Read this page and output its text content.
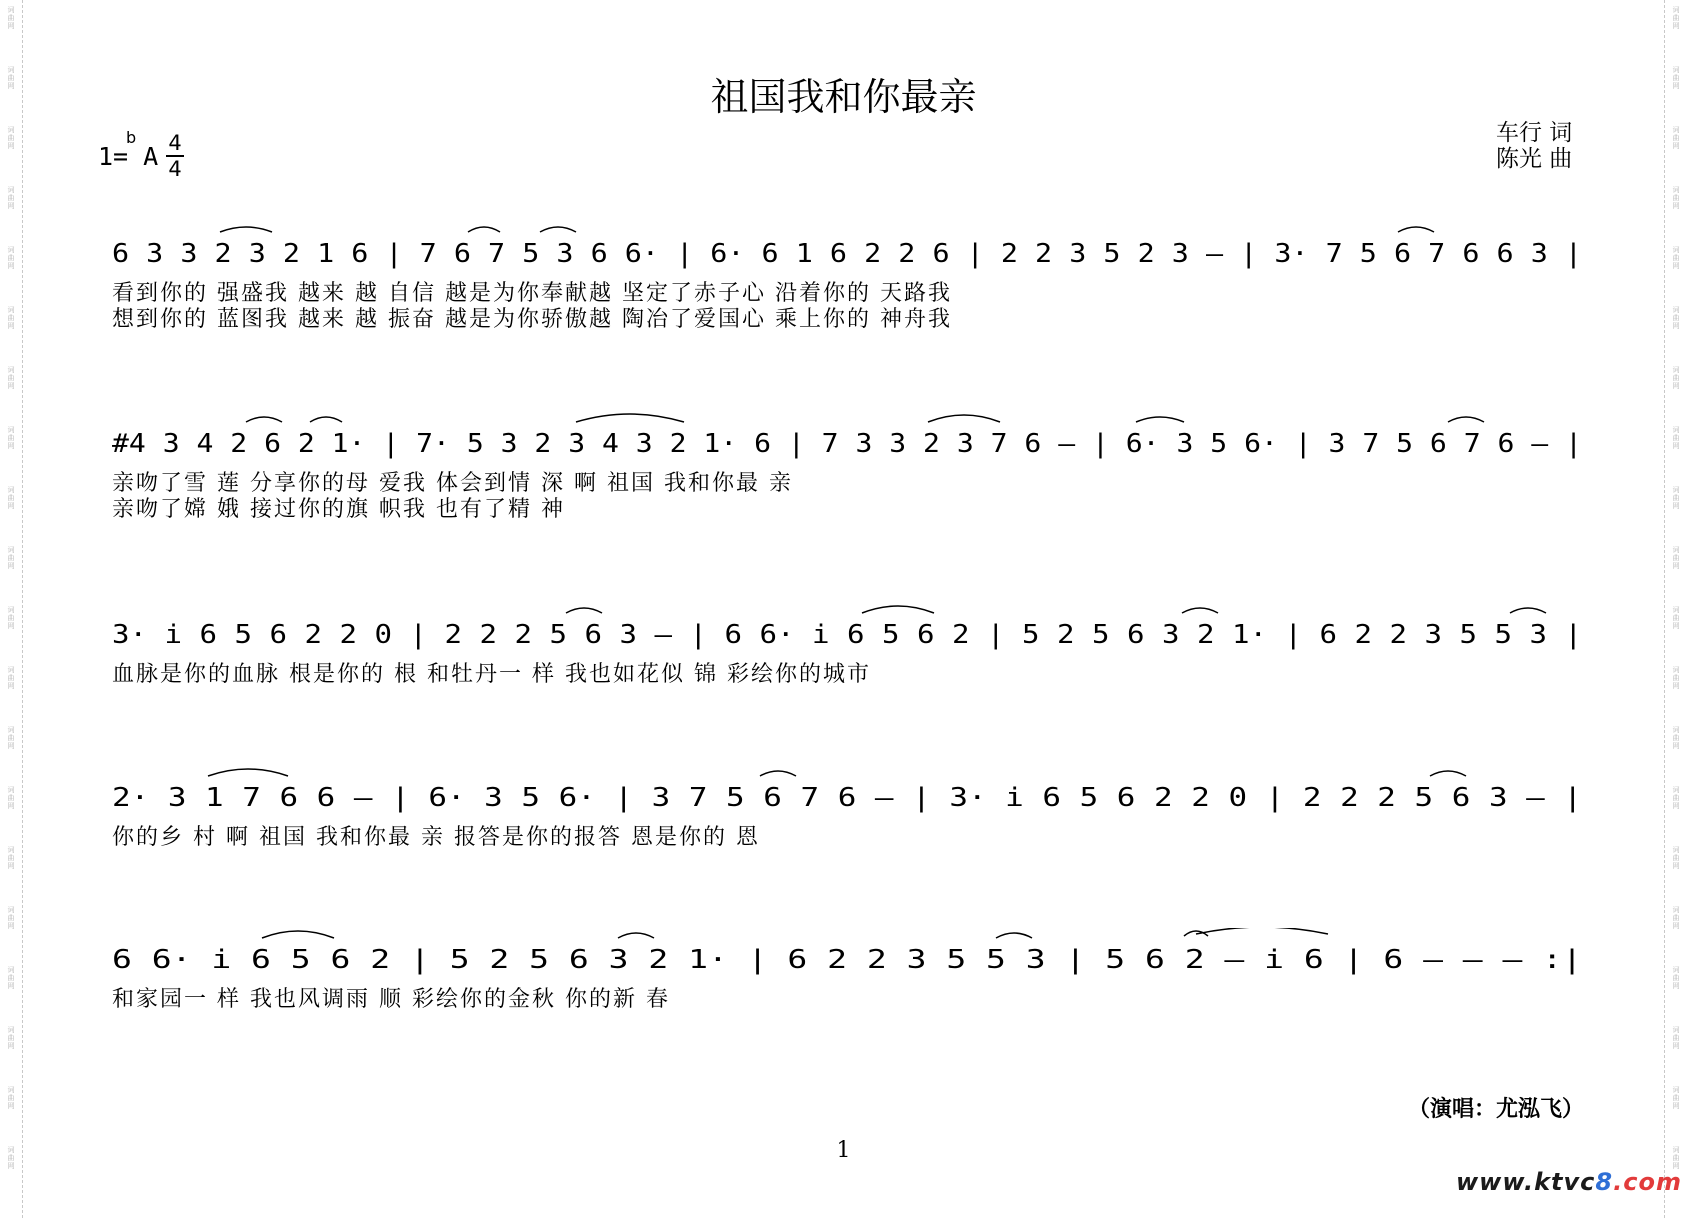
词曲网
词曲网
词曲网
词曲网
词曲网
词曲网
词曲网
词曲网
词曲网
词曲网
词曲网
词曲网
词曲网
词曲网
词曲网
词曲网
词曲网
词曲网
词曲网
词曲网
词曲网
词曲网
词曲网
词曲网
词曲网
词曲网
词曲网
词曲网
词曲网
词曲网
词曲网
词曲网
词曲网
词曲网
词曲网
词曲网
词曲网
词曲网
词曲网
词曲网
祖国我和你最亲
1= A
b 4
4
车行 词
陈光 曲
6 3 3 2 3 2 1 6 | 7 6 7 5 3 6 6· | 6· 6 1 6 2 2 6 | 2 2 3 5 2 3 – | 3· 7 5 6 7 6 6 3 |
看到你的 强盛我 越来 越 自信 越是为你奉献越 坚定了赤子心 沿着你的 天路我
想到你的 蓝图我 越来 越 振奋 越是为你骄傲越 陶冶了爱国心 乘上你的 神舟我
#4 3 4 2 6 2 1· | 7· 5 3 2 3 4 3 2 1· 6 | 7 3 3 2 3 7 6 – | 6· 3 5 6· | 3 7 5 6 7 6 – |
亲吻了雪 莲 分享你的母 爱我 体会到情 深 啊 祖国 我和你最 亲
亲吻了嫦 娥 接过你的旗 帜我 也有了精 神
3· i 6 5 6 2 2 0 | 2 2 2 5 6 3 – | 6 6· i 6 5 6 2 | 5 2 5 6 3 2 1· | 6 2 2 3 5 5 3 |
血脉是你的血脉 根是你的 根 和牡丹一 样 我也如花似 锦 彩绘你的城市
2· 3 1 7 6 6 – | 6· 3 5 6· | 3 7 5 6 7 6 – | 3· i 6 5 6 2 2 0 | 2 2 2 5 6 3 – |
你的乡 村 啊 祖国 我和你最 亲 报答是你的报答 恩是你的 恩
6 6· i 6 5 6 2 | 5 2 5 6 3 2 1· | 6 2 2 3 5 5 3 | 5 6 2 – i 6 | 6 – – – :|
和家园一 样 我也风调雨 顺 彩绘你的金秋 你的新 春
（演唱：尤泓飞）
1
www.ktvc8.com
